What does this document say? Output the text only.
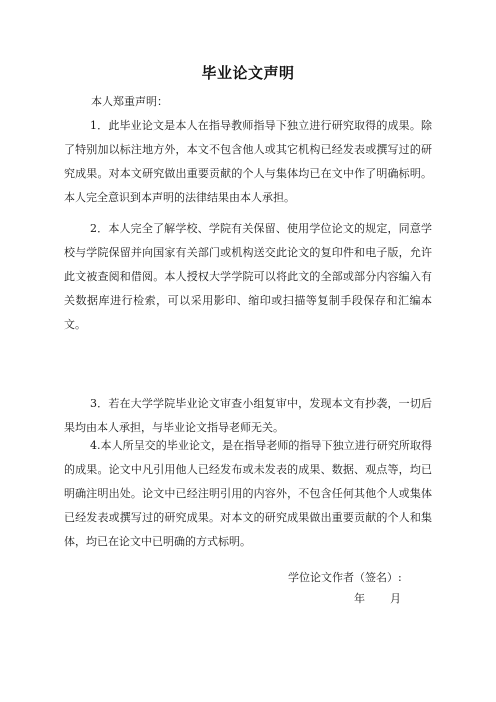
毕业论文声明
本人郑重声明：

1．此毕业论文是本人在指导教师指导下独立进行研究取得的成果。除了特别加以标注地方外，本文不包含他人或其它机构已经发表或撰写过的研究成果。对本文研究做出重要贡献的个人与集体均已在文中作了明确标明。本人完全意识到本声明的法律结果由本人承担。

2．本人完全了解学校、学院有关保留、使用学位论文的规定，同意学校与学院保留并向国家有关部门或机构送交此论文的复印件和电子版，允许此文被查阅和借阅。本人授权大学学院可以将此文的全部或部分内容编入有关数据库进行检索，可以采用影印、缩印或扫描等复制手段保存和汇编本文。

3．若在大学学院毕业论文审查小组复审中，发现本文有抄袭，一切后果均由本人承担，与毕业论文指导老师无关。

4.本人所呈交的毕业论文，是在指导老师的指导下独立进行研究所取得的成果。论文中凡引用他人已经发布或未发表的成果、数据、观点等，均已明确注明出处。论文中已经注明引用的内容外，不包含任何其他个人或集体已经发表或撰写过的研究成果。对本文的研究成果做出重要贡献的个人和集体，均已在论文中已明确的方式标明。

学位论文作者（签名）:
年 月
